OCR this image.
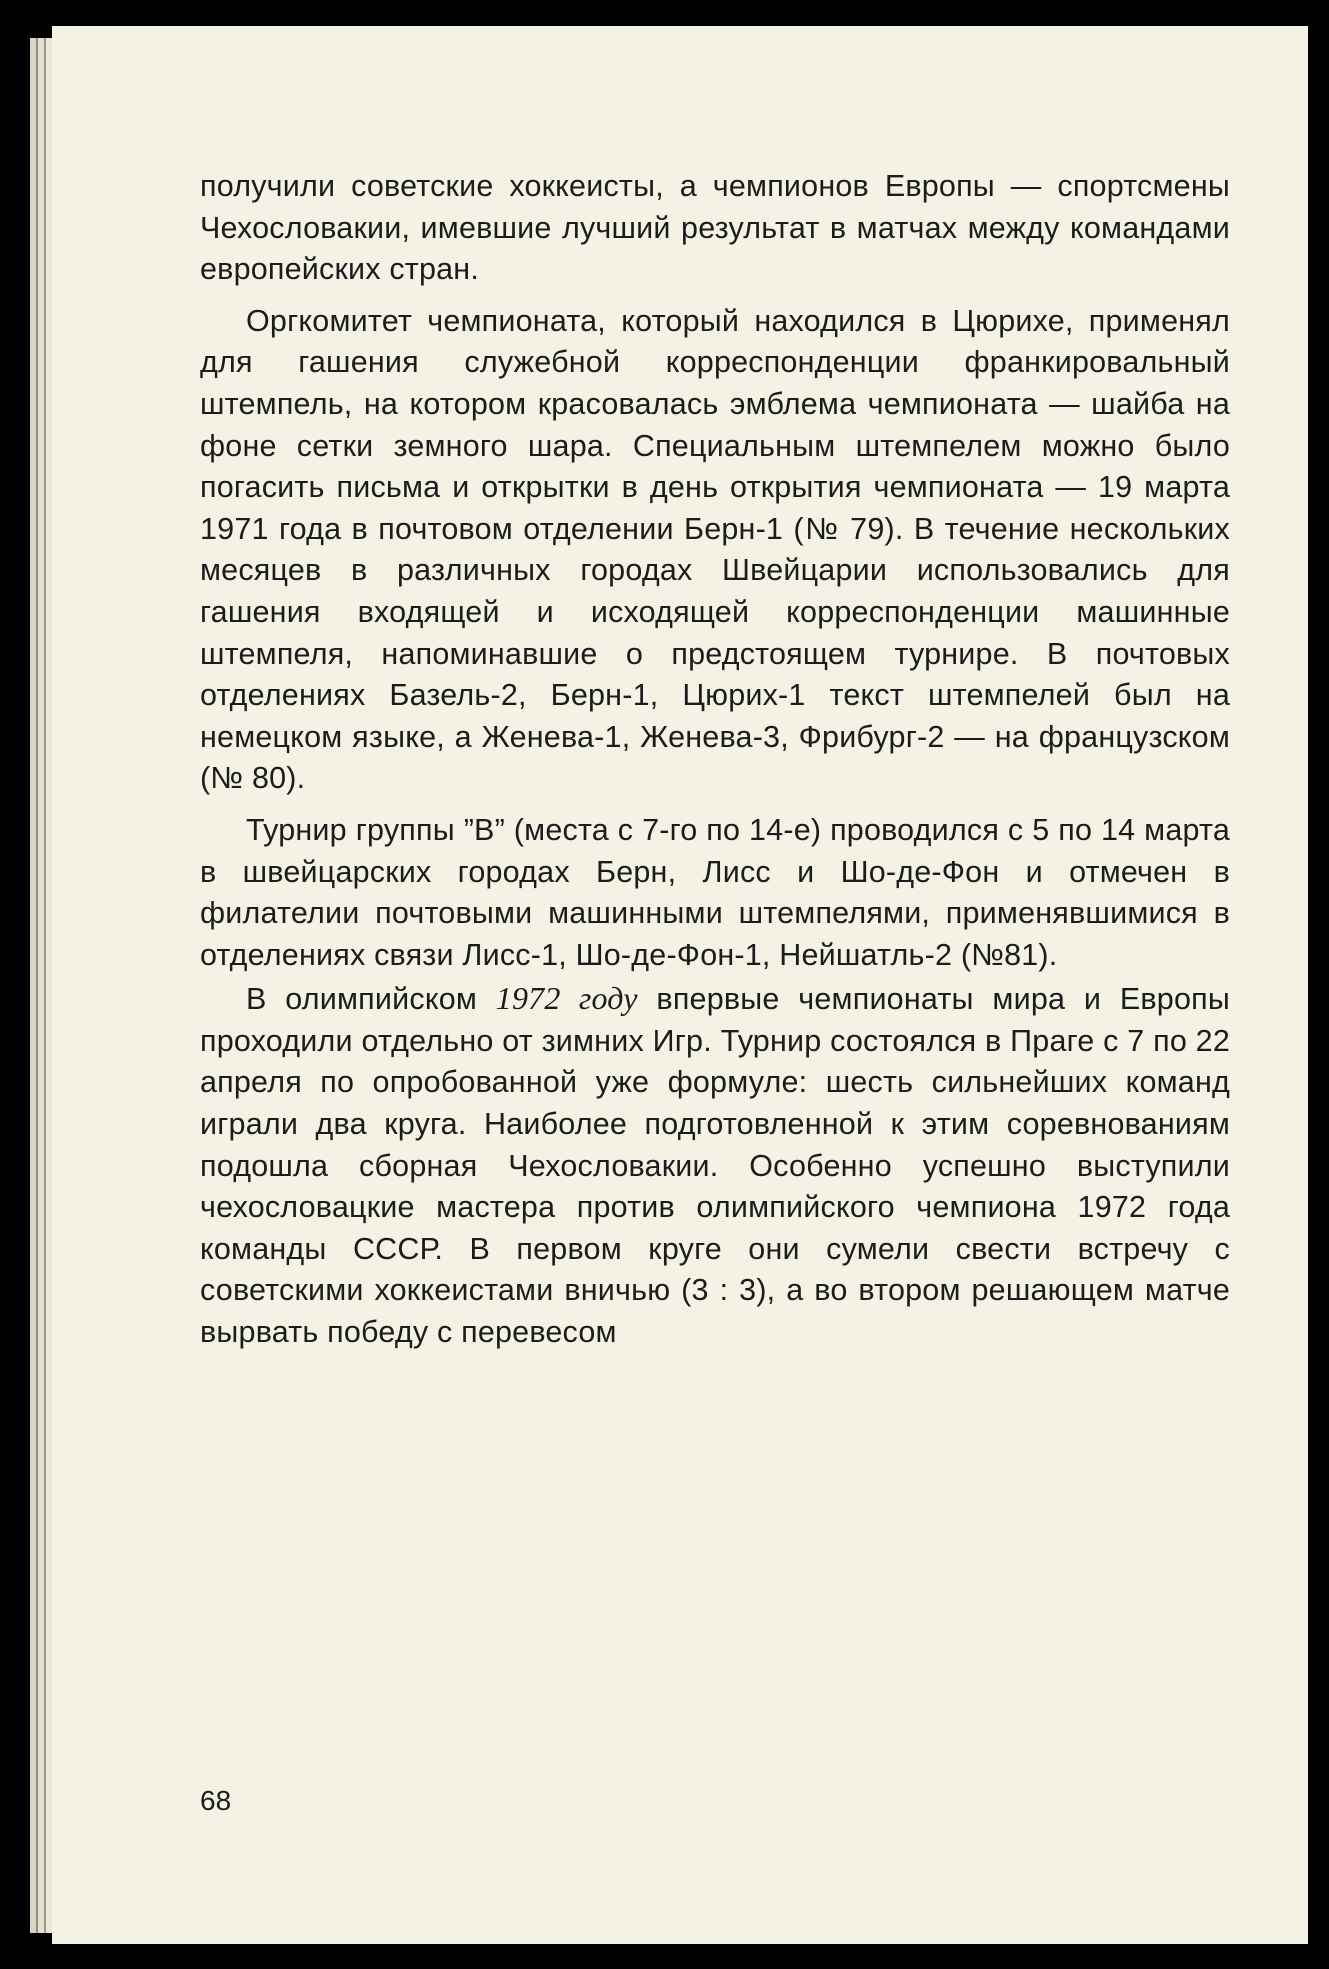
получили советские хоккеисты, а чемпионов Европы — спортсмены Чехословакии, имевшие лучший результат в матчах между командами европейских стран.

Оргкомитет чемпионата, который находился в Цюрихе, применял для гашения служебной корреспонденции франкировальный штемпель, на котором красовалась эмблема чемпионата — шайба на фоне сетки земного шара. Специальным штемпелем можно было погасить письма и открытки в день открытия чемпионата — 19 марта 1971 года в почтовом отделении Берн-1 (№ 79). В течение нескольких месяцев в различных городах Швейцарии использовались для гашения входящей и исходящей корреспонденции машинные штемпеля, напоминавшие о предстоящем турнире. В почтовых отделениях Базель-2, Берн-1, Цюрих-1 текст штемпелей был на немецком языке, а Женева-1, Женева-3, Фрибург-2 — на французском (№ 80).

Турнир группы ”В” (места с 7-го по 14-е) проводился с 5 по 14 марта в швейцарских городах Берн, Лисс и Шо-де-Фон и отмечен в филателии почтовыми машинными штемпелями, применявшимися в отделениях связи Лисс-1, Шо-де-Фон-1, Нейшатль-2 (№81).

В олимпийском 1972 году впервые чемпионаты мира и Европы проходили отдельно от зимних Игр. Турнир состоялся в Праге с 7 по 22 апреля по опробованной уже формуле: шесть сильнейших команд играли два круга. Наиболее подготовленной к этим соревнованиям подошла сборная Чехословакии. Особенно успешно выступили чехословацкие мастера против олимпийского чемпиона 1972 года команды СССР. В первом круге они сумели свести встречу с советскими хоккеистами вничью (3 : 3), а во втором решающем матче вырвать победу с перевесом

68
